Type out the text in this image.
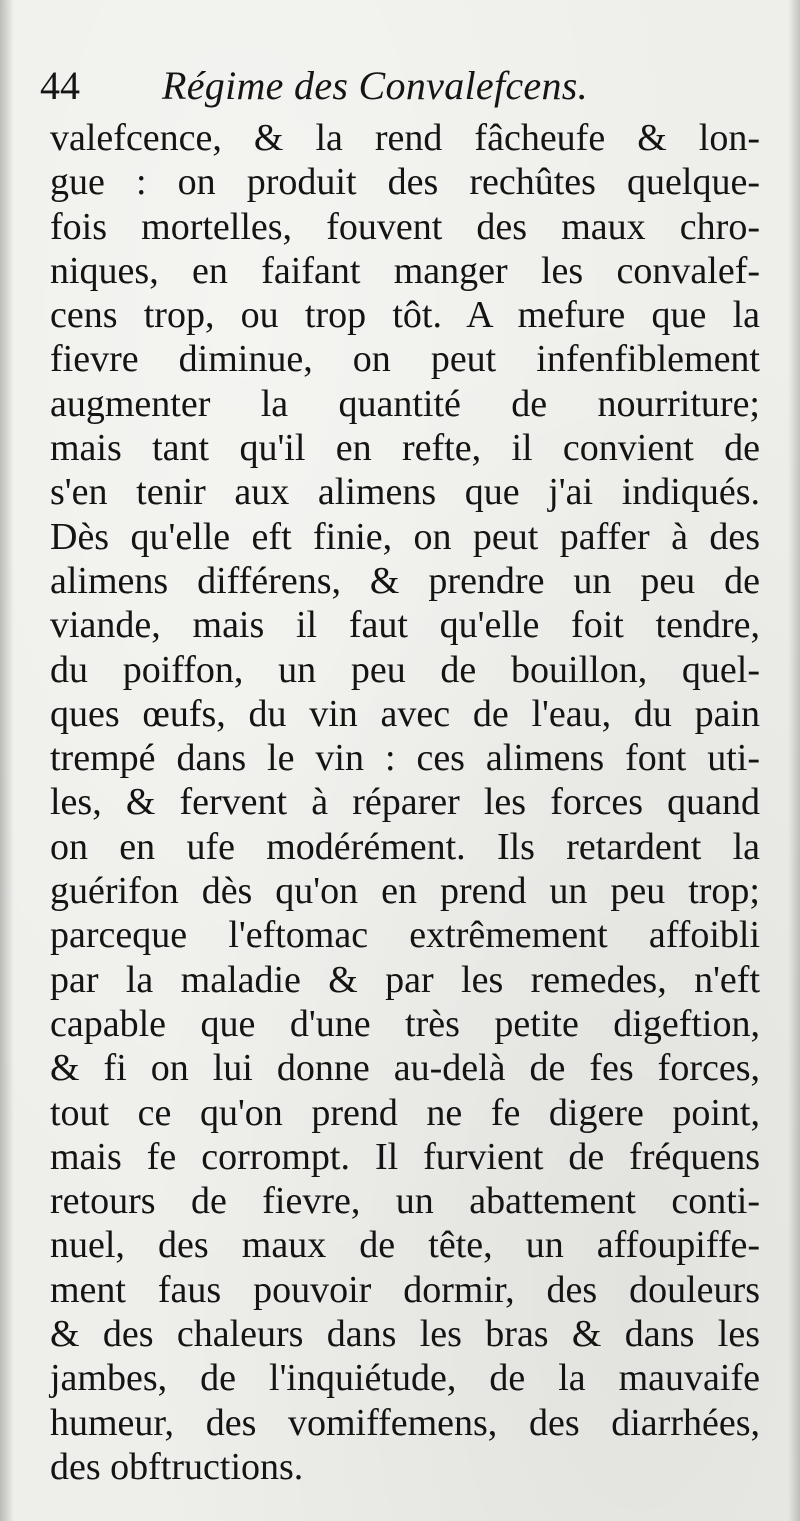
44 Régime des Convalefcens.
valefcence, & la rend fâcheufe & lon-
gue : on produit des rechûtes quelque-
fois mortelles, fouvent des maux chro-
niques, en faifant manger les convalef-
cens trop, ou trop tôt. A mefure que la
fievre diminue, on peut infenfiblement
augmenter la quantité de nourriture;
mais tant qu'il en refte, il convient de
s'en tenir aux alimens que j'ai indiqués.
Dès qu'elle eft finie, on peut paffer à des
alimens différens, & prendre un peu de
viande, mais il faut qu'elle foit tendre,
du poiffon, un peu de bouillon, quel-
ques œufs, du vin avec de l'eau, du pain
trempé dans le vin : ces alimens font uti-
les, & fervent à réparer les forces quand
on en ufe modérément. Ils retardent la
guérifon dès qu'on en prend un peu trop;
parceque l'eftomac extrêmement affoibli
par la maladie & par les remedes, n'eft
capable que d'une très petite digeftion,
& fi on lui donne au-delà de fes forces,
tout ce qu'on prend ne fe digere point,
mais fe corrompt. Il furvient de fréquens
retours de fievre, un abattement conti-
nuel, des maux de tête, un affoupiffe-
ment faus pouvoir dormir, des douleurs
& des chaleurs dans les bras & dans les
jambes, de l'inquiétude, de la mauvaife
humeur, des vomiffemens, des diarrhées,
des obftructions.
